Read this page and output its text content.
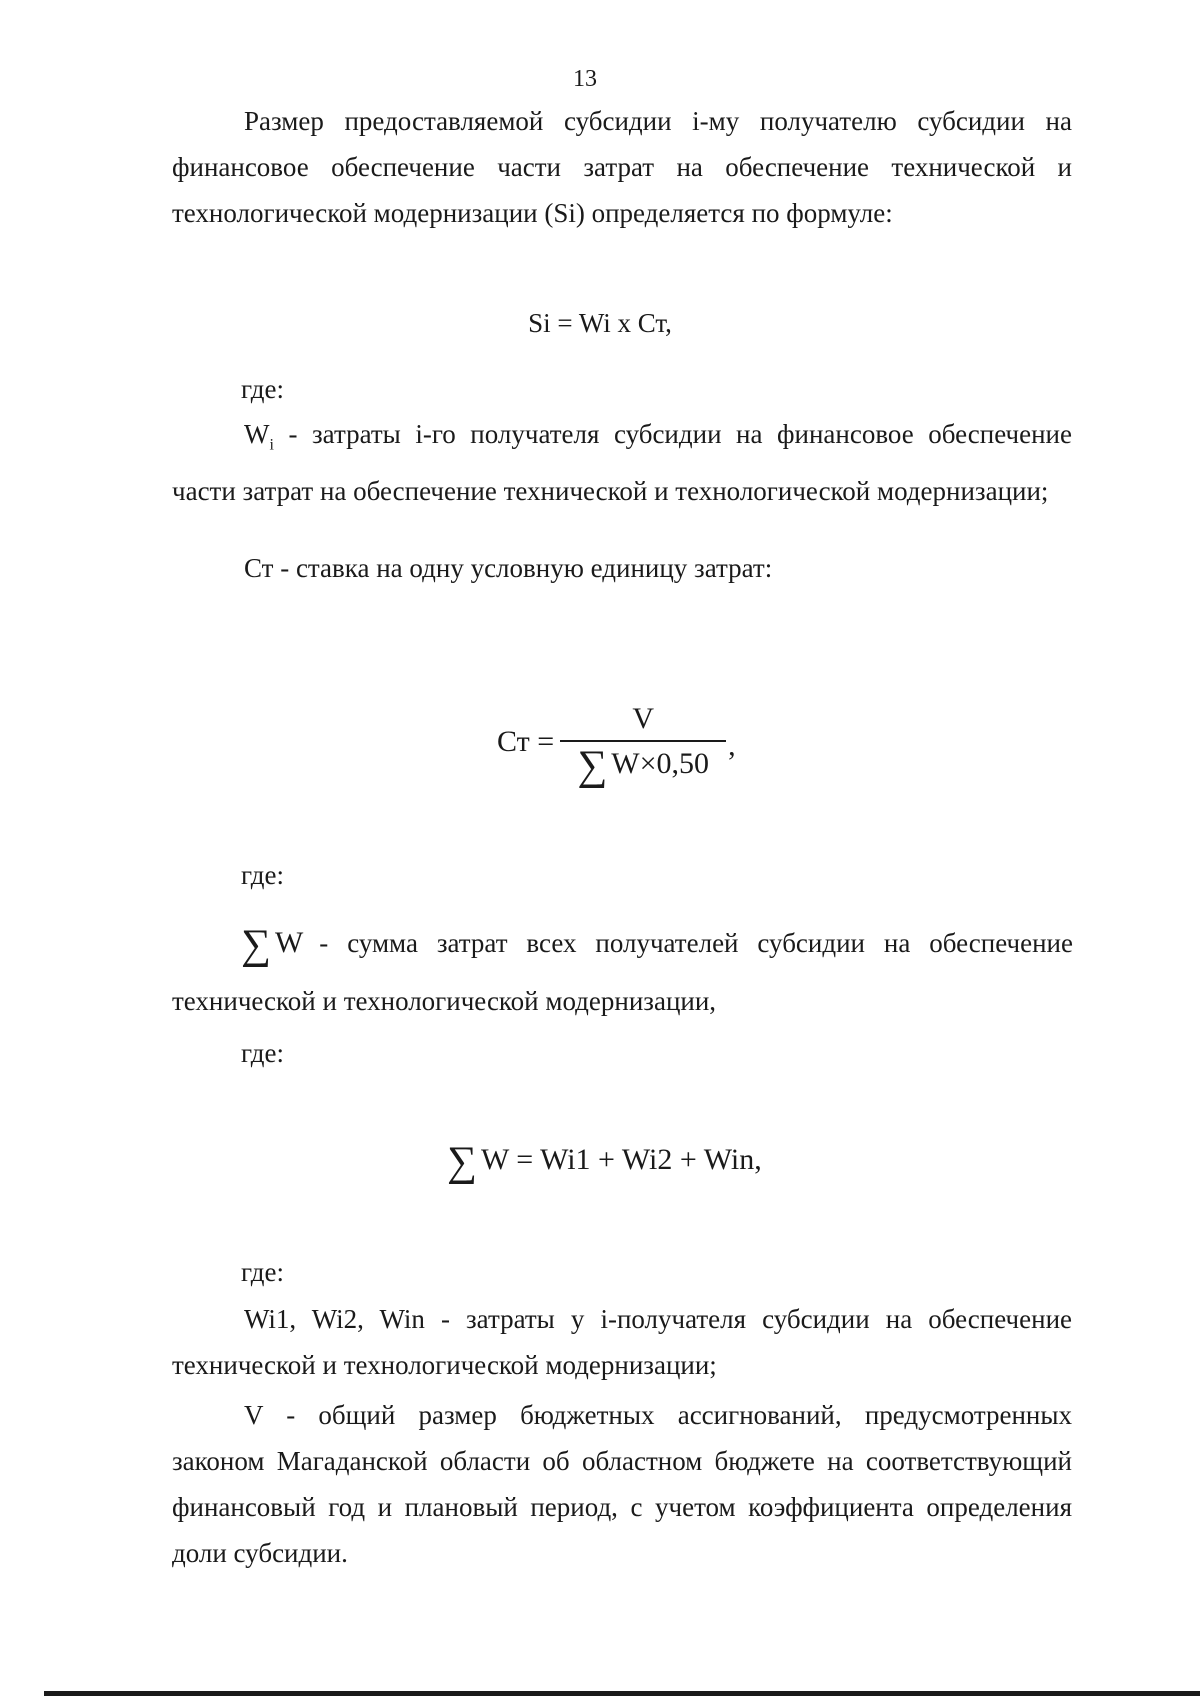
13

Размер предоставляемой субсидии i-му получателю субсидии на финансовое обеспечение части затрат на обеспечение технической и технологической модернизации (Si) определяется по формуле:

Si = Wi x Ст,
где:

$W_i$ - затраты i-го получателя субсидии на финансовое обеспечение части затрат на обеспечение технической и технологической модернизации;

Ст - ставка на одну условную единицу затрат:

Ст = $\frac{V}{\sum W\times 0,50}$ ,
где:
∑ W - сумма затрат всех получателей субсидии на обеспечение

технической и технологической модернизации,

где:
∑ W = Wi1 + Wi2 + Win,
где:

Wi1, Wi2, Win - затраты у i-получателя субсидии на обеспечение технической и технологической модернизации;

V - общий размер бюджетных ассигнований, предусмотренных законом Магаданской области об областном бюджете на соответствующий финансовый год и плановый период, с учетом коэффициента определения доли субсидии.
